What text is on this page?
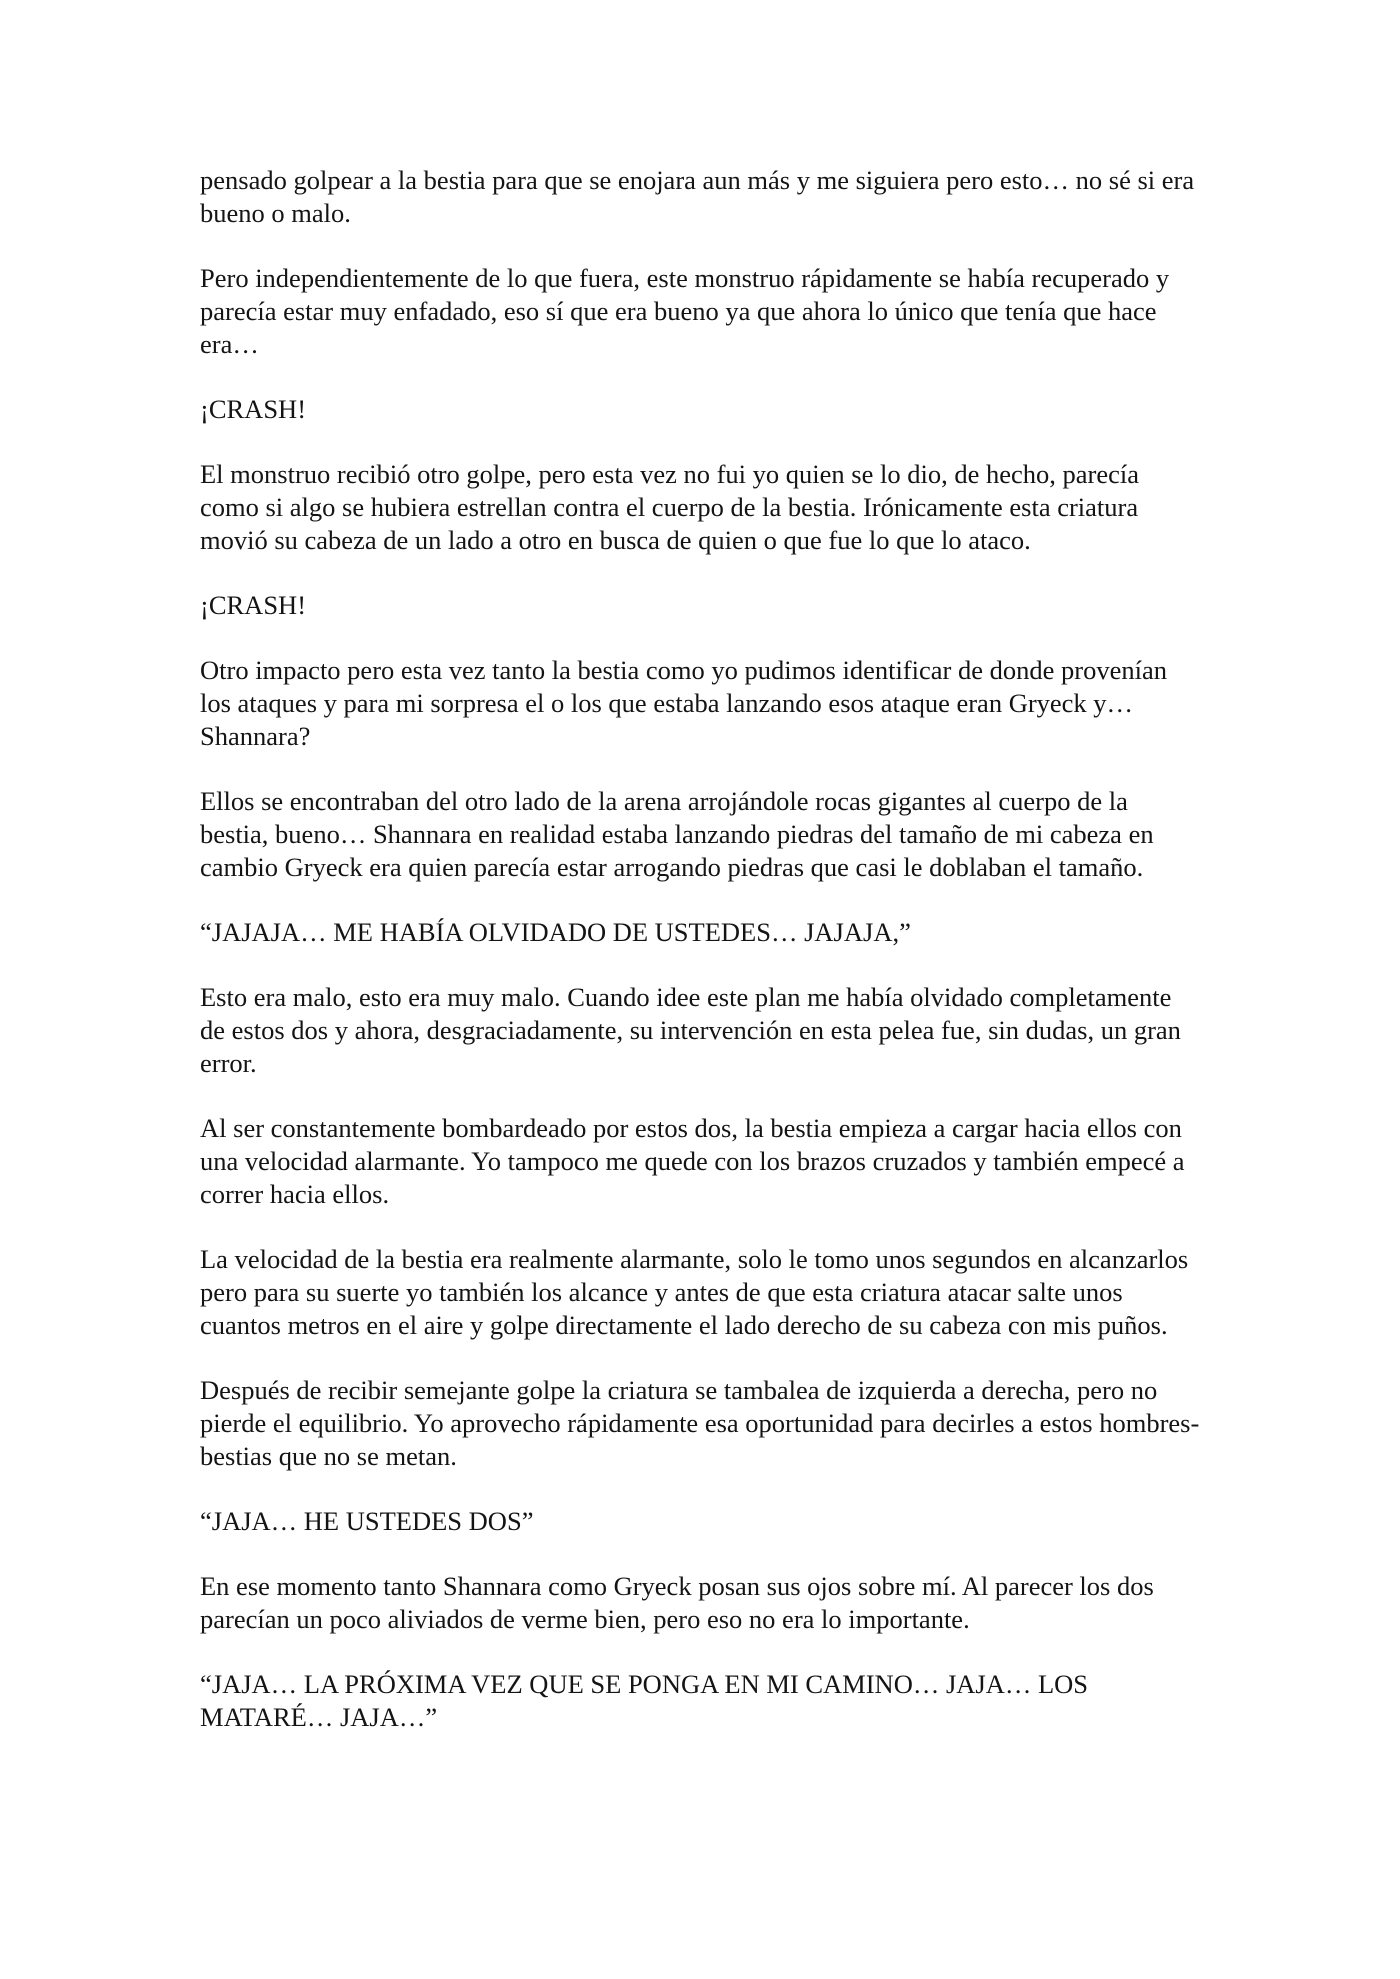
pensado golpear a la bestia para que se enojara aun más y me siguiera pero esto… no sé si era bueno o malo.

Pero independientemente de lo que fuera, este monstruo rápidamente se había recuperado y parecía estar muy enfadado, eso sí que era bueno ya que ahora lo único que tenía que hace era…

¡CRASH!

El monstruo recibió otro golpe, pero esta vez no fui yo quien se lo dio, de hecho, parecía como si algo se hubiera estrellan contra el cuerpo de la bestia. Irónicamente esta criatura movió su cabeza de un lado a otro en busca de quien o que fue lo que lo ataco.

¡CRASH!

Otro impacto pero esta vez tanto la bestia como yo pudimos identificar de donde provenían los ataques y para mi sorpresa el o los que estaba lanzando esos ataque eran Gryeck y… Shannara?

Ellos se encontraban del otro lado de la arena arrojándole rocas gigantes al cuerpo de la bestia, bueno… Shannara en realidad estaba lanzando piedras del tamaño de mi cabeza en cambio Gryeck era quien parecía estar arrogando piedras que casi le doblaban el tamaño.

“JAJAJA… ME HABÍA OLVIDADO DE USTEDES… JAJAJA,”

Esto era malo, esto era muy malo. Cuando idee este plan me había olvidado completamente de estos dos y ahora, desgraciadamente, su intervención en esta pelea fue, sin dudas, un gran error.

Al ser constantemente bombardeado por estos dos, la bestia empieza a cargar hacia ellos con una velocidad alarmante. Yo tampoco me quede con los brazos cruzados y también empecé a correr hacia ellos.

La velocidad de la bestia era realmente alarmante, solo le tomo unos segundos en alcanzarlos pero para su suerte yo también los alcance y antes de que esta criatura atacar salte unos cuantos metros en el aire y golpe directamente el lado derecho de su cabeza con mis puños.

Después de recibir semejante golpe la criatura se tambalea de izquierda a derecha, pero no pierde el equilibrio. Yo aprovecho rápidamente esa oportunidad para decirles a estos hombres-bestias que no se metan.

“JAJA… HE USTEDES DOS”

En ese momento tanto Shannara como Gryeck posan sus ojos sobre mí. Al parecer los dos parecían un poco aliviados de verme bien, pero eso no era lo importante.

“JAJA… LA PRÓXIMA VEZ QUE SE PONGA EN MI CAMINO… JAJA… LOS MATARÉ… JAJA…”
